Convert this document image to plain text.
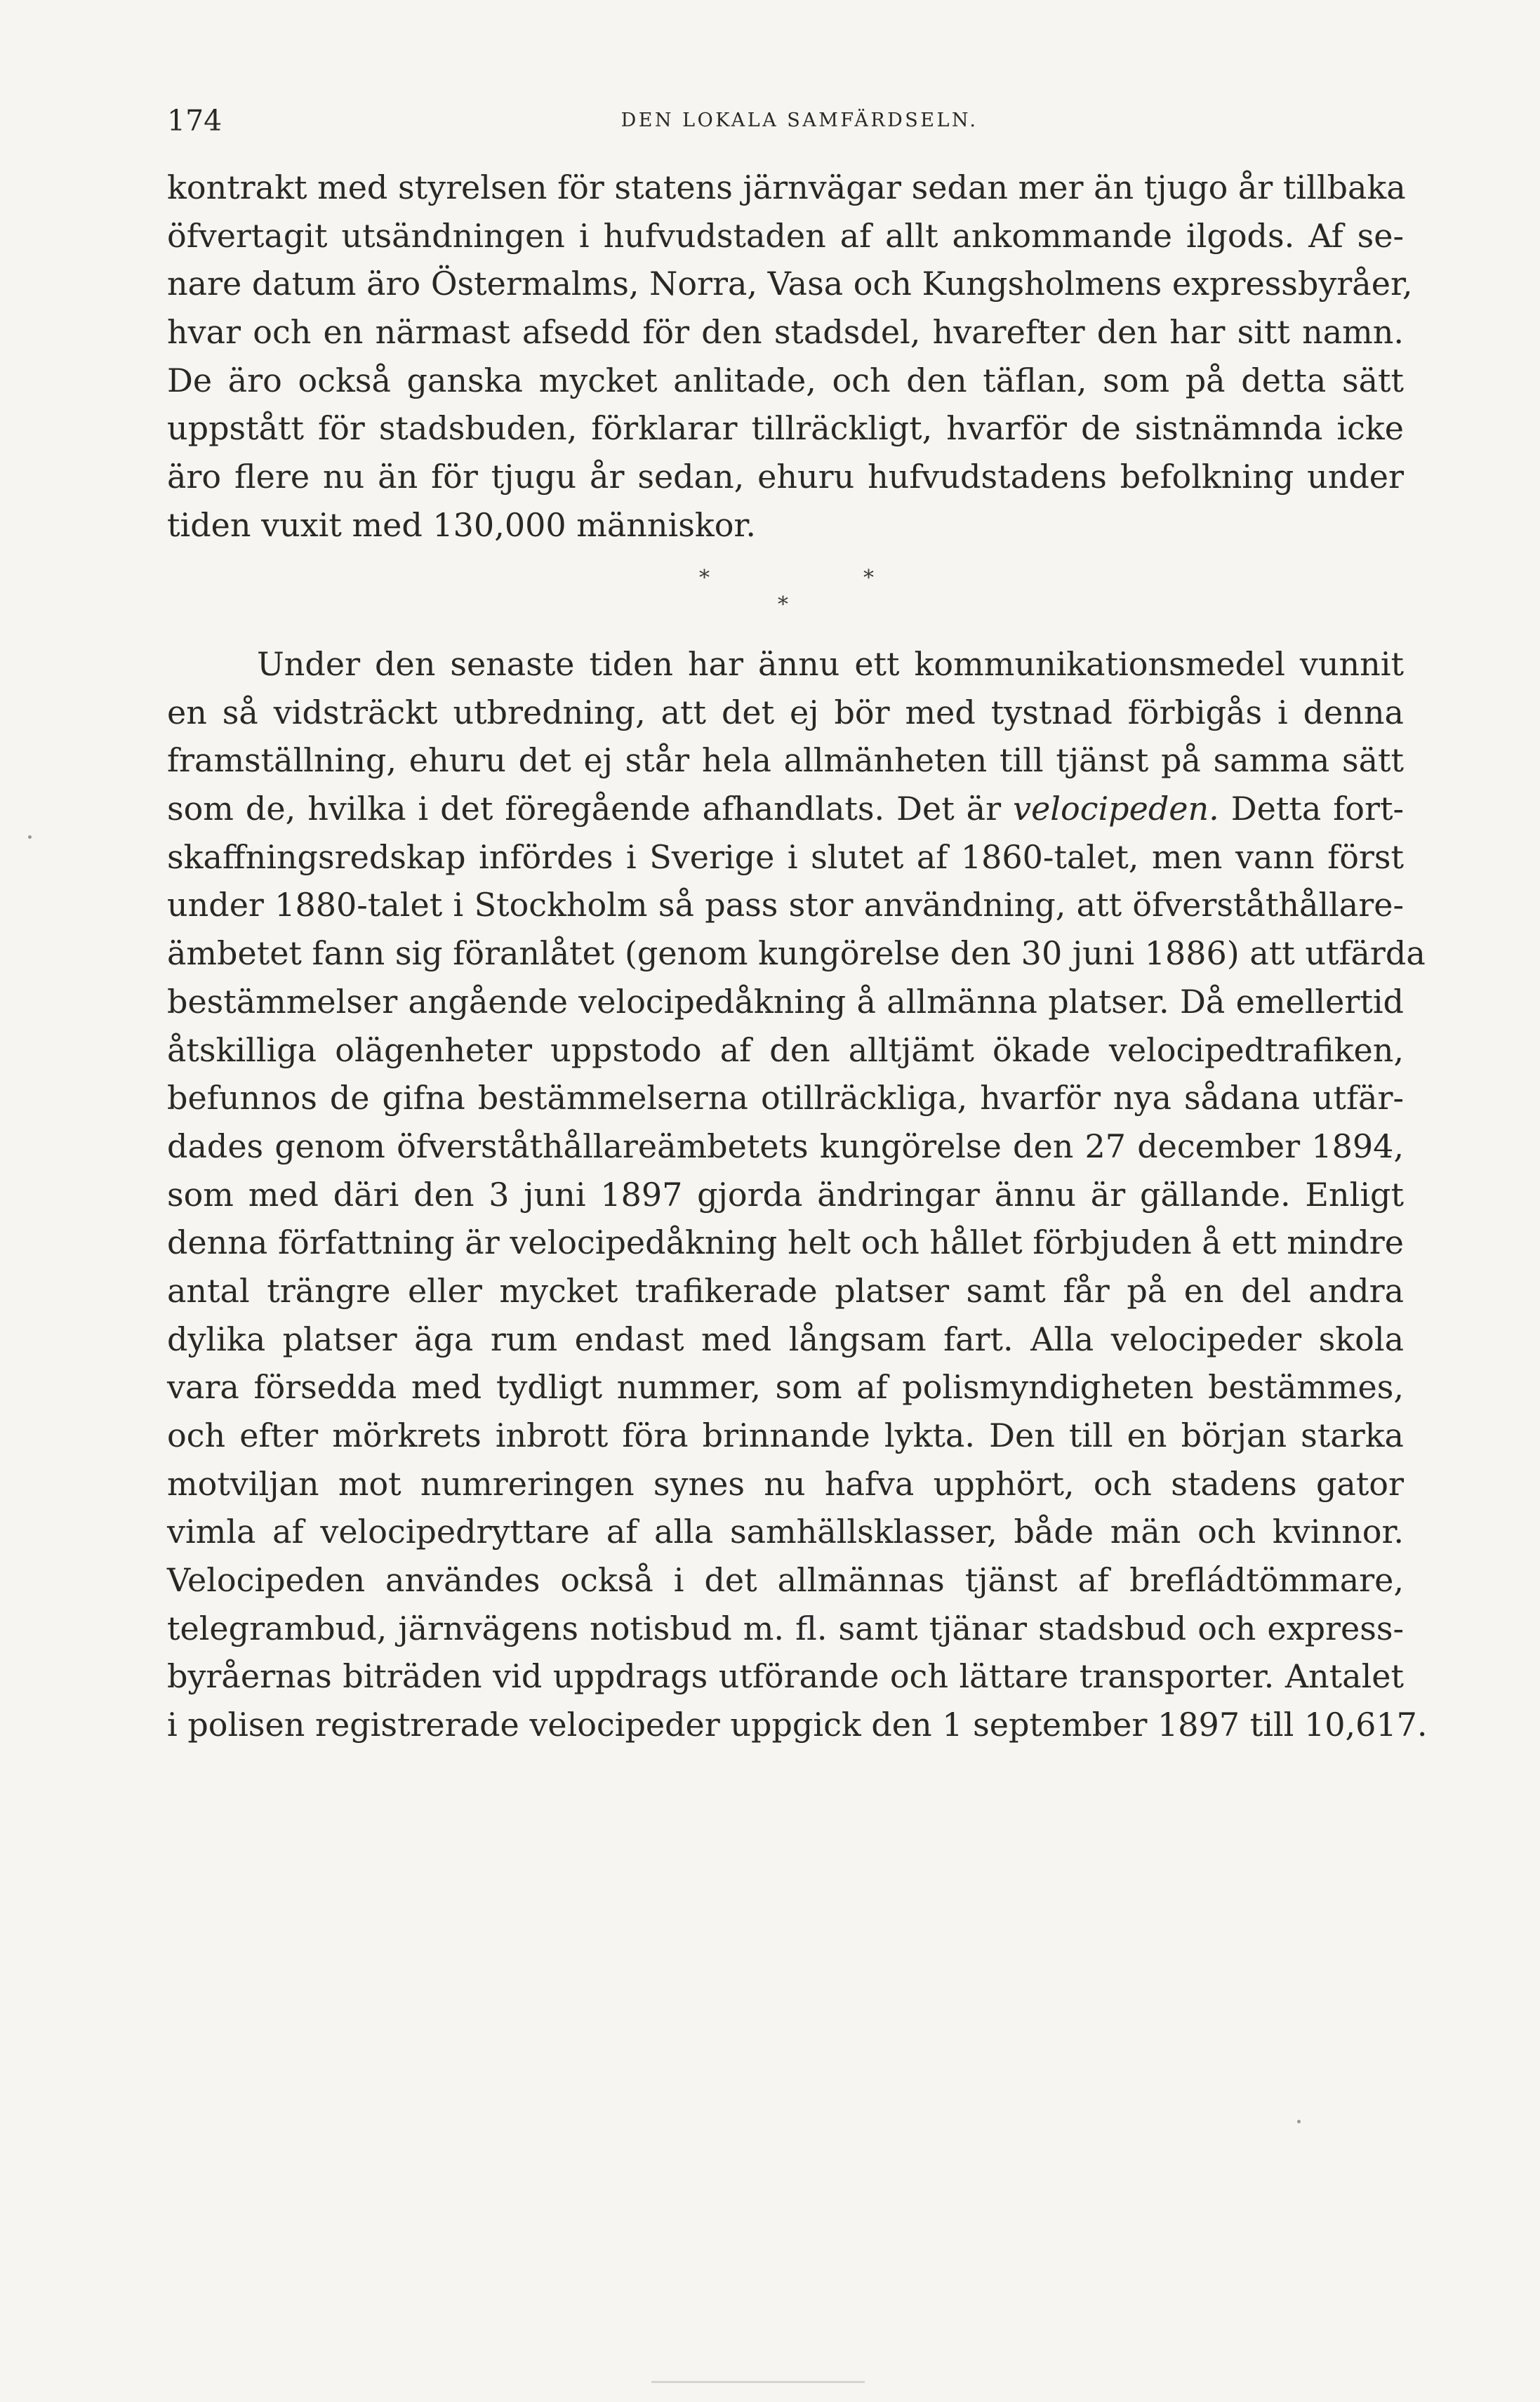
174	DEN LOKALA SAMFÄRDSELN.
kontrakt med styrelsen för statens järnvägar sedan mer än tjugo år tillbaka
öfvertagit utsändningen i hufvudstaden af allt ankommande ilgods. Af se-
nare datum äro Östermalms, Norra, Vasa och Kungsholmens expressbyråer,
hvar och en närmast afsedd för den stadsdel, hvarefter den har sitt namn.
De äro också ganska mycket anlitade, och den täflan, som på detta sätt
uppstått för stadsbuden, förklarar tillräckligt, hvarför de sistnämnda icke
äro flere nu än för tjugu år sedan, ehuru hufvudstadens befolkning under
tiden vuxit med 130,000 människor.
*
*
*
Under den senaste tiden har ännu ett kommunikationsmedel vunnit
en så vidsträckt utbredning, att det ej bör med tystnad förbigås i denna
framställning, ehuru det ej står hela allmänheten till tjänst på samma sätt
som de, hvilka i det föregående afhandlats. Det är velocipeden. Detta fort-
skaffningsredskap infördes i Sverige i slutet af 1860-talet, men vann först
under 1880-talet i Stockholm så pass stor användning, att öfverståthållare-
ämbetet fann sig föranlåtet (genom kungörelse den 30 juni 1886) att utfärda
bestämmelser angående velocipedåkning å allmänna platser. Då emellertid
åtskilliga olägenheter uppstodo af den alltjämt ökade velocipedtrafiken,
befunnos de gifna bestämmelserna otillräckliga, hvarför nya sådana utfär-
dades genom öfverståthållareämbetets kungörelse den 27 december 1894,
som med däri den 3 juni 1897 gjorda ändringar ännu är gällande. Enligt
denna författning är velocipedåkning helt och hållet förbjuden å ett mindre
antal trängre eller mycket trafikerade platser samt får på en del andra
dylika platser äga rum endast med långsam fart. Alla velocipeder skola
vara försedda med tydligt nummer, som af polismyndigheten bestämmes,
och efter mörkrets inbrott föra brinnande lykta. Den till en början starka
motviljan mot numreringen synes nu hafva upphört, och stadens gator
vimla af velocipedryttare af alla samhällsklasser, både män och kvinnor.
Velocipeden användes också i det allmännas tjänst af brefládtömmare,
telegrambud, järnvägens notisbud m. fl. samt tjänar stadsbud och express-
byråernas biträden vid uppdrags utförande och lättare transporter. Antalet
i polisen registrerade velocipeder uppgick den 1 september 1897 till 10,617.
